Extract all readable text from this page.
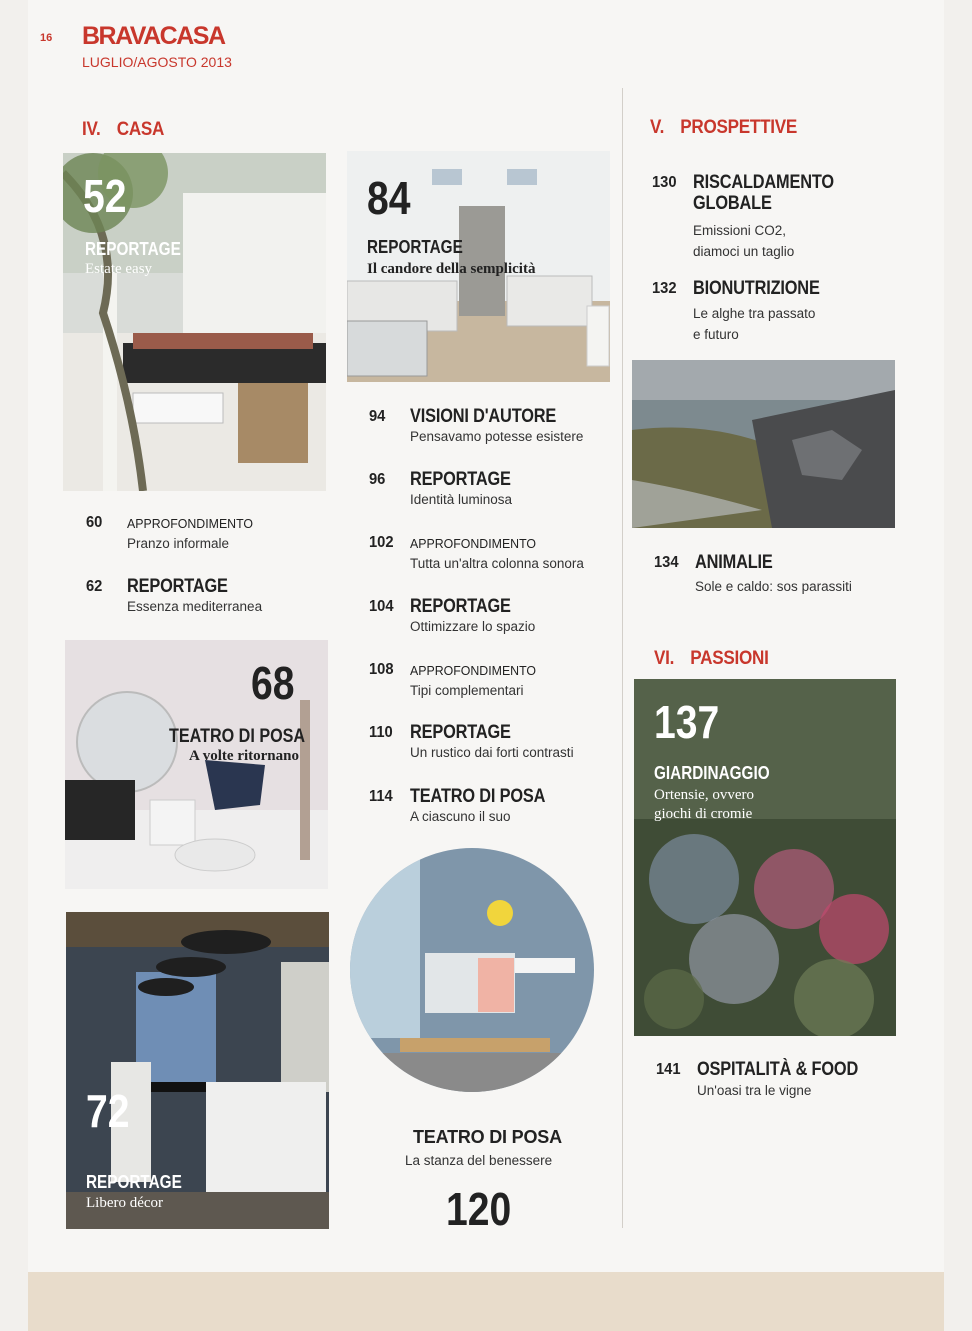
16 BRAVACASA
LUGLIO/AGOSTO 2013
IV. CASA
52
REPORTAGE
Estate easy
84
REPORTAGE
Il candore della semplicità
60 APPROFONDIMENTO
Pranzo informale
62 REPORTAGE
Essenza mediterranea
68
TEATRO DI POSA
A volte ritornano
72
REPORTAGE
Libero décor
94 VISIONI D'AUTORE
Pensavamo potesse esistere
96 REPORTAGE
Identità luminosa
102 APPROFONDIMENTO
Tutta un'altra colonna sonora
104 REPORTAGE
Ottimizzare lo spazio
108 APPROFONDIMENTO
Tipi complementari
110 REPORTAGE
Un rustico dai forti contrasti
114 TEATRO DI POSA
A ciascuno il suo
TEATRO DI POSA
La stanza del benessere
120
V. PROSPETTIVE
130 RISCALDAMENTO
GLOBALE
Emissioni CO2,
diamoci un taglio
132 BIONUTRIZIONE
Le alghe tra passato
e futuro
134 ANIMALIE
Sole e caldo: sos parassiti
VI. PASSIONI
137
GIARDINAGGIO
Ortensie, ovvero
giochi di cromie
141 OSPITALITÀ & FOOD
Un'oasi tra le vigne
